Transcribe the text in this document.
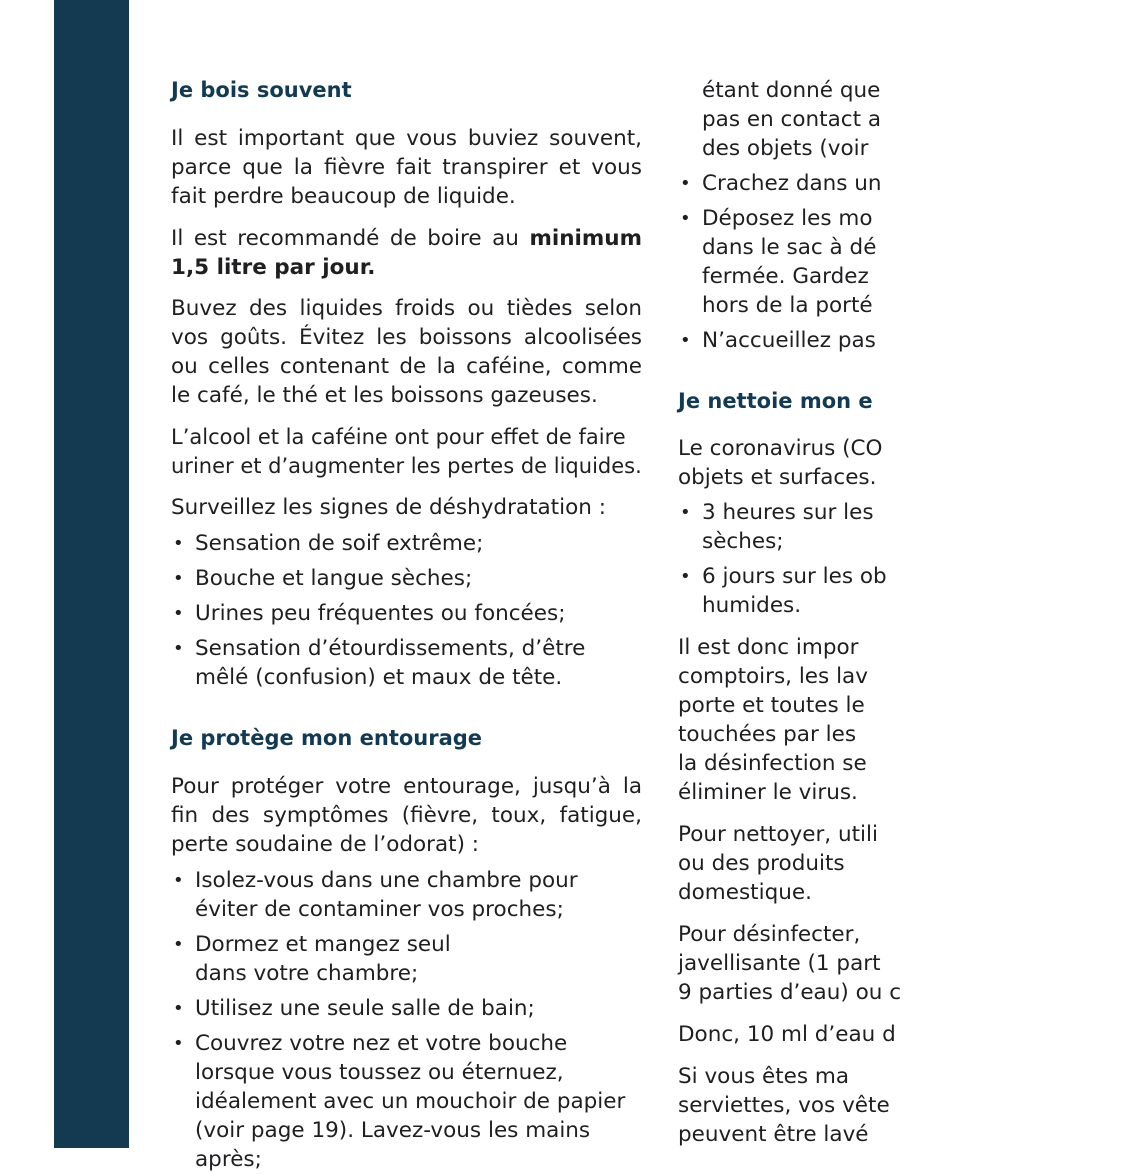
Je bois souvent

Il est important que vous buviez souvent, parce que la fièvre fait transpirer et vous fait perdre beaucoup de liquide.

Il est recommandé de boire au minimum 1,5 litre par jour.

Buvez des liquides froids ou tièdes selon vos goûts. Évitez les boissons alcoolisées ou celles contenant de la caféine, comme le café, le thé et les boissons gazeuses.

L’alcool et la caféine ont pour effet de faire uriner et d’augmenter les pertes de liquides.

Surveillez les signes de déshydratation :

• Sensation de soif extrême;
• Bouche et langue sèches;
• Urines peu fréquentes ou foncées;
• Sensation d’étourdissements, d’être mêlé (confusion) et maux de tête.
Je protège mon entourage

Pour protéger votre entourage, jusqu’à la fin des symptômes (fièvre, toux, fatigue, perte soudaine de l’odorat) :

• Isolez-vous dans une chambre pour éviter de contaminer vos proches;
• Dormez et mangez seul dans votre chambre;
• Utilisez une seule salle de bain;
• Couvrez votre nez et votre bouche lorsque vous toussez ou éternuez, idéalement avec un mouchoir de papier (voir page 19). Lavez-vous les mains après;
étant donné que
pas en contact a
des objets (voir
• Crachez dans un
• Déposez les mo
dans le sac à dé
fermée. Gardez
hors de la porté
• N’accueillez pas
Je nettoie mon e
Le coronavirus (CO
objets et surfaces.
• 3 heures sur les
sèches;
• 6 jours sur les ob
humides.
Il est donc impor
comptoirs, les lav
porte et toutes le
touchées par les
la désinfection se
éliminer le virus.
Pour nettoyer, utili
ou des produits
domestique.
Pour désinfecter,
javellisante (1 part
9 parties d’eau) ou c
Donc, 10 ml d’eau d
Si vous êtes ma
serviettes, vos vête
peuvent être lavé
